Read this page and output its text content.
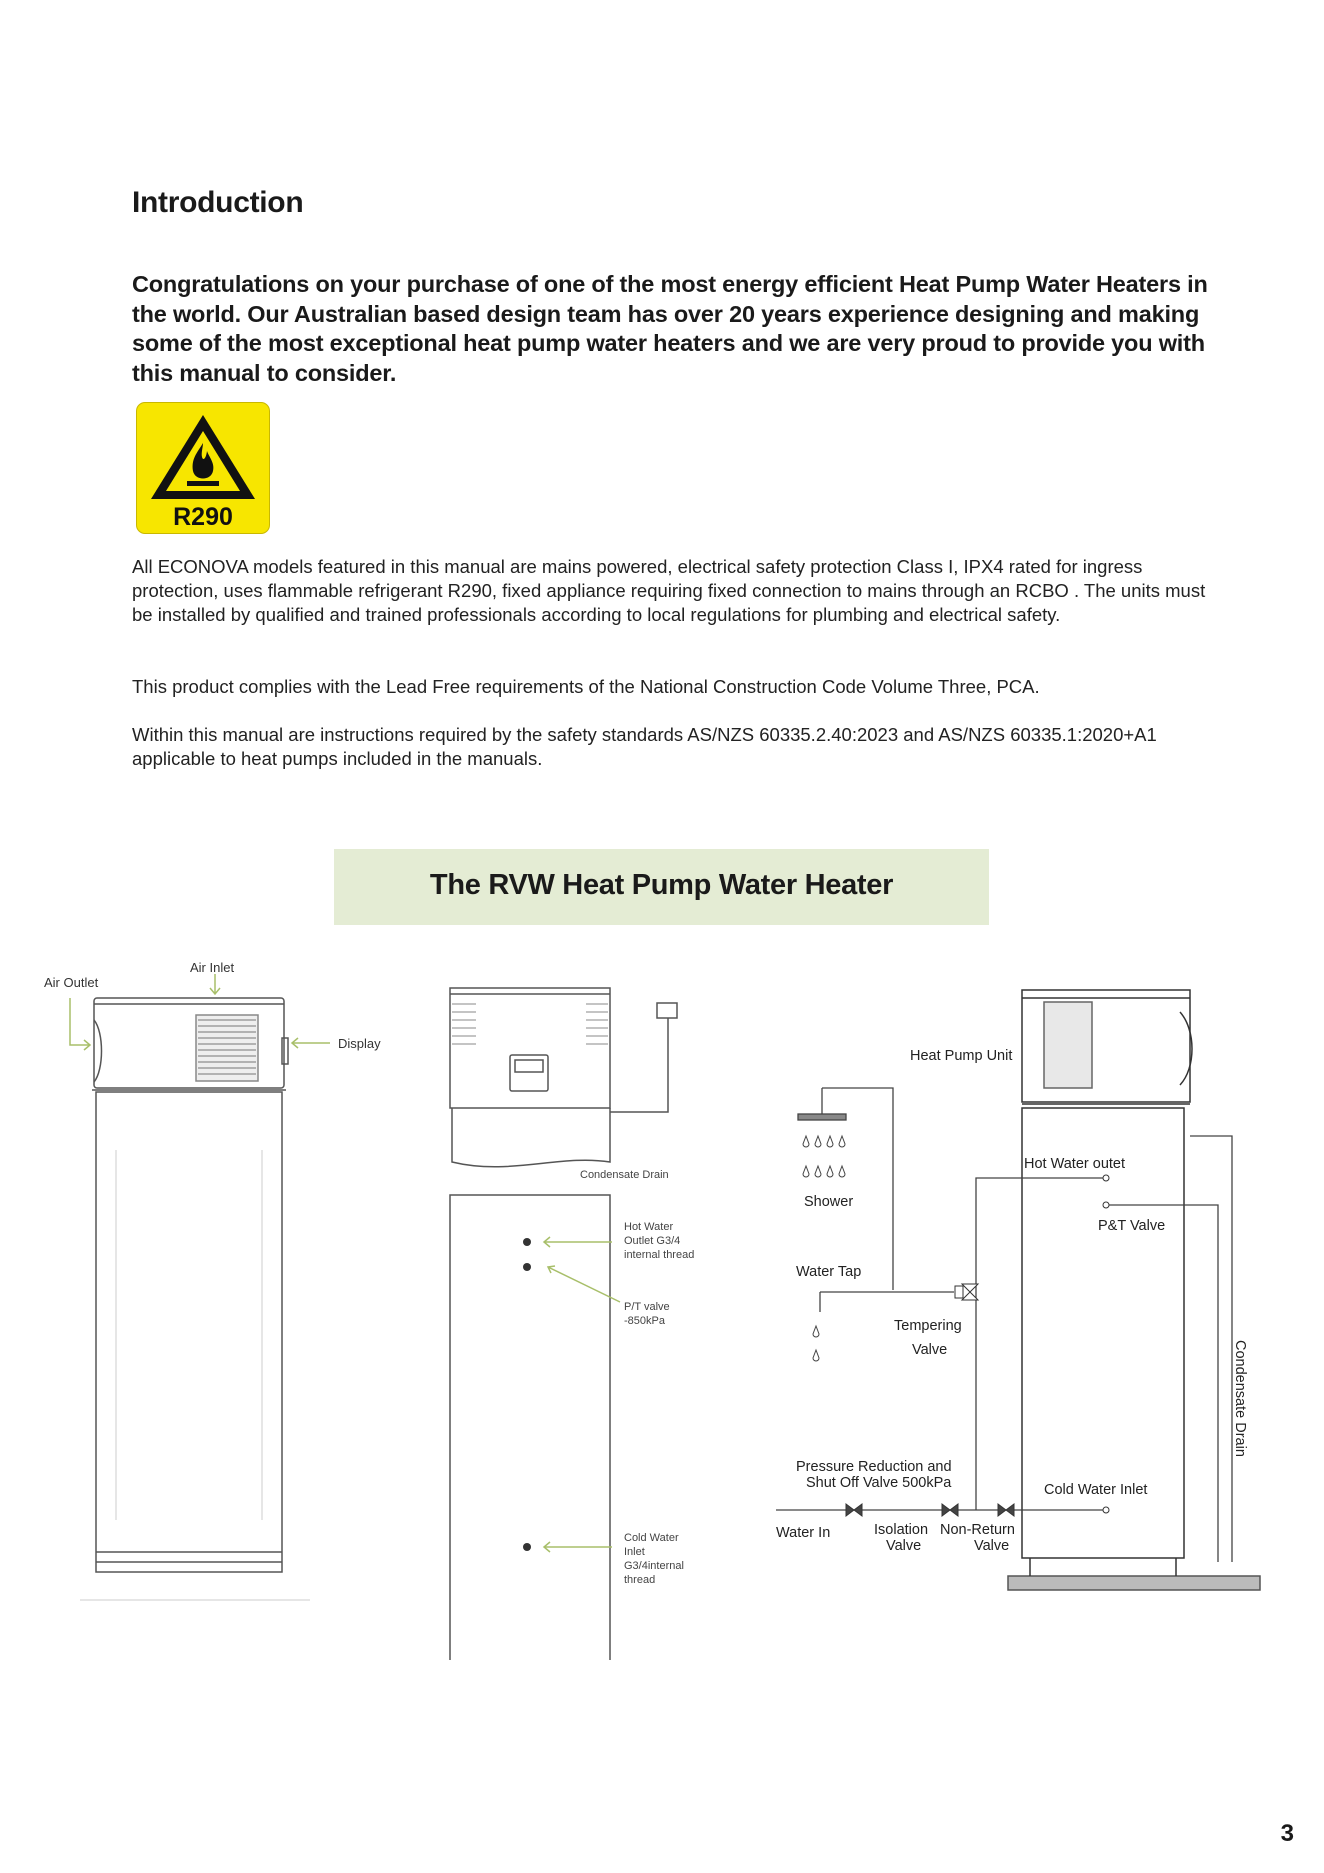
Introduction
Congratulations on your purchase of one of the most energy efficient Heat Pump Water Heaters in the world. Our Australian based design team has over 20 years experience designing and making some of the most exceptional heat pump water heaters and we are very proud to provide you with this manual to consider.
R290
All ECONOVA models featured in this manual are mains powered, electrical safety protection Class I, IPX4 rated for ingress protection, uses flammable refrigerant R290, fixed appliance requiring fixed connection to mains through an RCBO . The units must be installed by qualified and trained professionals according to local regulations for plumbing and electrical safety.
This product complies with the Lead Free requirements of the National Construction Code Volume Three, PCA.
Within this manual are instructions required by the safety standards AS/NZS 60335.2.40:2023 and AS/NZS 60335.1:2020+A1 applicable to heat pumps included in the manuals.
The RVW Heat Pump Water Heater
Air Outlet
Air Inlet
Display
Condensate Drain
Hot Water
Outlet G3/4
internal thread
P/T valve
-850kPa
Cold Water
Inlet
G3/4internal
thread
Heat Pump Unit
Hot Water outet
P&T Valve
Shower
Water Tap
Tempering
Valve
Pressure Reduction and
Shut Off Valve 500kPa
Water In	Isolation
Valve
Non-Return
Valve
Cold Water Inlet
Condensate Drain
3
